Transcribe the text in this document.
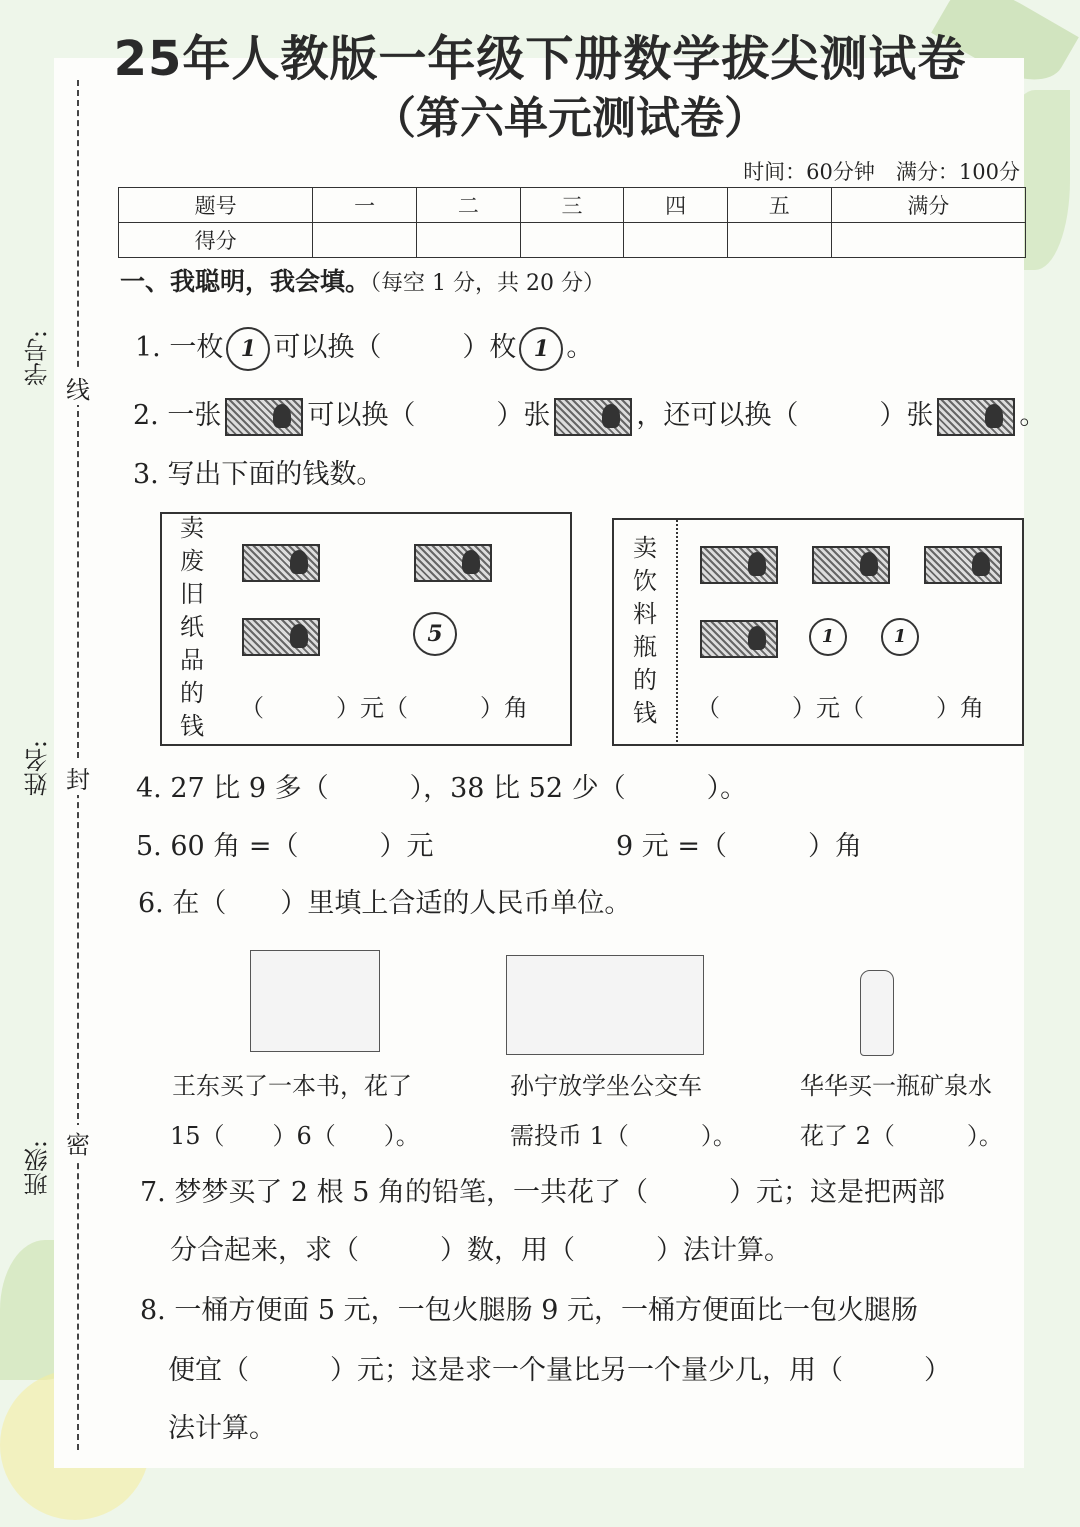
学号:
线
姓名: 封
班级: 密
25年人教版一年级下册数学拔尖测试卷
（第六单元测试卷）
时间：60分钟　满分：100分
题号	一	二	三	四	五	满分
得分						
一、我聪明，我会填。（每空 1 分，共 20 分）
1. 一枚 1 可以换（　　　）枚 1 。
2. 一张	可以换（　　　）张	，还可以换（　　　）张	。
3. 写出下面的钱数。
卖废旧纸品的钱
5
（　　　）元（　　　）角
卖饮料瓶的钱
1	1
（　　　）元（　　　）角
4. 27 比 9 多（　　　），38 比 52 少（　　　）。
5. 60 角 =（　　　）元	9 元 =（　　　）角
6. 在（　　）里填上合适的人民币单位。
王东买了一本书，花了
15（　　）6（　　）。
孙宁放学坐公交车
需投币 1（　　　）。
华华买一瓶矿泉水
花了 2（　　　）。
7. 梦梦买了 2 根 5 角的铅笔，一共花了（　　　）元；这是把两部
分合起来，求（　　　）数，用（　　　）法计算。
8. 一桶方便面 5 元，一包火腿肠 9 元，一桶方便面比一包火腿肠
便宜（　　　）元；这是求一个量比另一个量少几，用（　　　）
法计算。
